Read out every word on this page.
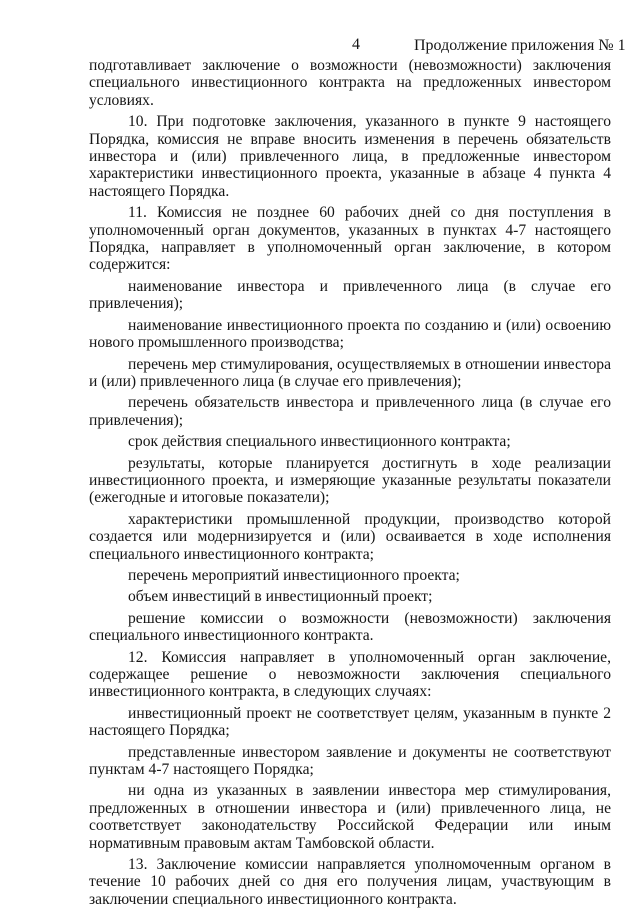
4	Продолжение приложения № 1

подготавливает заключение о возможности (невозможности) заключения специального инвестиционного контракта на предложенных инвестором условиях.

10. При подготовке заключения, указанного в пункте 9 настоящего Порядка, комиссия не вправе вносить изменения в перечень обязательств инвестора и (или) привлеченного лица, в предложенные инвестором характеристики инвестиционного проекта, указанные в абзаце 4 пункта 4 настоящего Порядка.

11. Комиссия не позднее 60 рабочих дней со дня поступления в уполномоченный орган документов, указанных в пунктах 4-7 настоящего Порядка, направляет в уполномоченный орган заключение, в котором содержится:

наименование инвестора и привлеченного лица (в случае его привлечения);

наименование инвестиционного проекта по созданию и (или) освоению нового промышленного производства;

перечень мер стимулирования, осуществляемых в отношении инвестора и (или) привлеченного лица (в случае его привлечения);

перечень обязательств инвестора и привлеченного лица (в случае его привлечения);

срок действия специального инвестиционного контракта;

результаты, которые планируется достигнуть в ходе реализации инвестиционного проекта, и измеряющие указанные результаты показатели (ежегодные и итоговые показатели);

характеристики промышленной продукции, производство которой создается или модернизируется и (или) осваивается в ходе исполнения специального инвестиционного контракта;

перечень мероприятий инвестиционного проекта;

объем инвестиций в инвестиционный проект;

решение комиссии о возможности (невозможности) заключения специального инвестиционного контракта.

12. Комиссия направляет в уполномоченный орган заключение, содержащее решение о невозможности заключения специального инвестиционного контракта, в следующих случаях:

инвестиционный проект не соответствует целям, указанным в пункте 2 настоящего Порядка;

представленные инвестором заявление и документы не соответствуют пунктам 4-7 настоящего Порядка;

ни одна из указанных в заявлении инвестора мер стимулирования, предложенных в отношении инвестора и (или) привлеченного лица, не соответствует законодательству Российской Федерации или иным нормативным правовым актам Тамбовской области.

13. Заключение комиссии направляется уполномоченным органом в течение 10 рабочих дней со дня его получения лицам, участвующим в заключении специального инвестиционного контракта.
